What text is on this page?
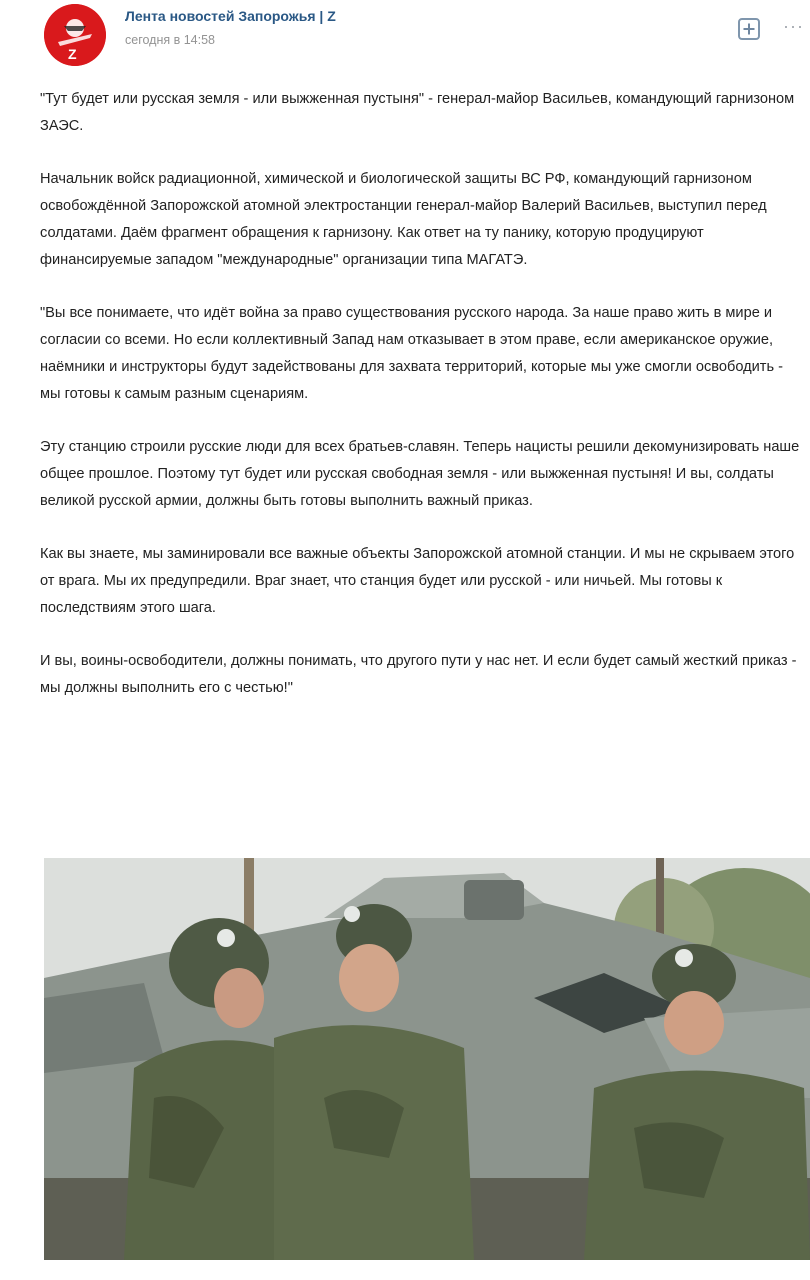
Z
Лента новостей Запорожья | Z
сегодня в 14:58
···

"Тут будет или русская земля - или выжженная пустыня" - генерал-майор Васильев, командующий гарнизоном ЗАЭС.

Начальник войск радиационной, химической и биологической защиты ВС РФ, командующий гарнизоном освобождённой Запорожской атомной электростанции генерал-майор Валерий Васильев, выступил перед солдатами. Даём фрагмент обращения к гарнизону. Как ответ на ту панику, которую продуцируют финансируемые западом "международные" организации типа МАГАТЭ.

"Вы все понимаете, что идёт война за право существования русского народа. За наше право жить в мире и согласии со всеми. Но если коллективный Запад нам отказывает в этом праве, если американское оружие, наёмники и инструкторы будут задействованы для захвата территорий, которые мы уже смогли освободить - мы готовы к самым разным сценариям.

Эту станцию строили русские люди для всех братьев-славян. Теперь нацисты решили декомунизировать наше общее прошлое. Поэтому тут будет или русская свободная земля - или выжженная пустыня! И вы, солдаты великой русской армии, должны быть готовы выполнить важный приказ.

Как вы знаете, мы заминировали все важные объекты Запорожской атомной станции. И мы не скрываем этого от врага. Мы их предупредили. Враг знает, что станция будет или русской - или ничьей. Мы готовы к последствиям этого шага.

И вы, воины-освободители, должны понимать, что другого пути у нас нет. И если будет самый жесткий приказ - мы должны выполнить его с честью!"
